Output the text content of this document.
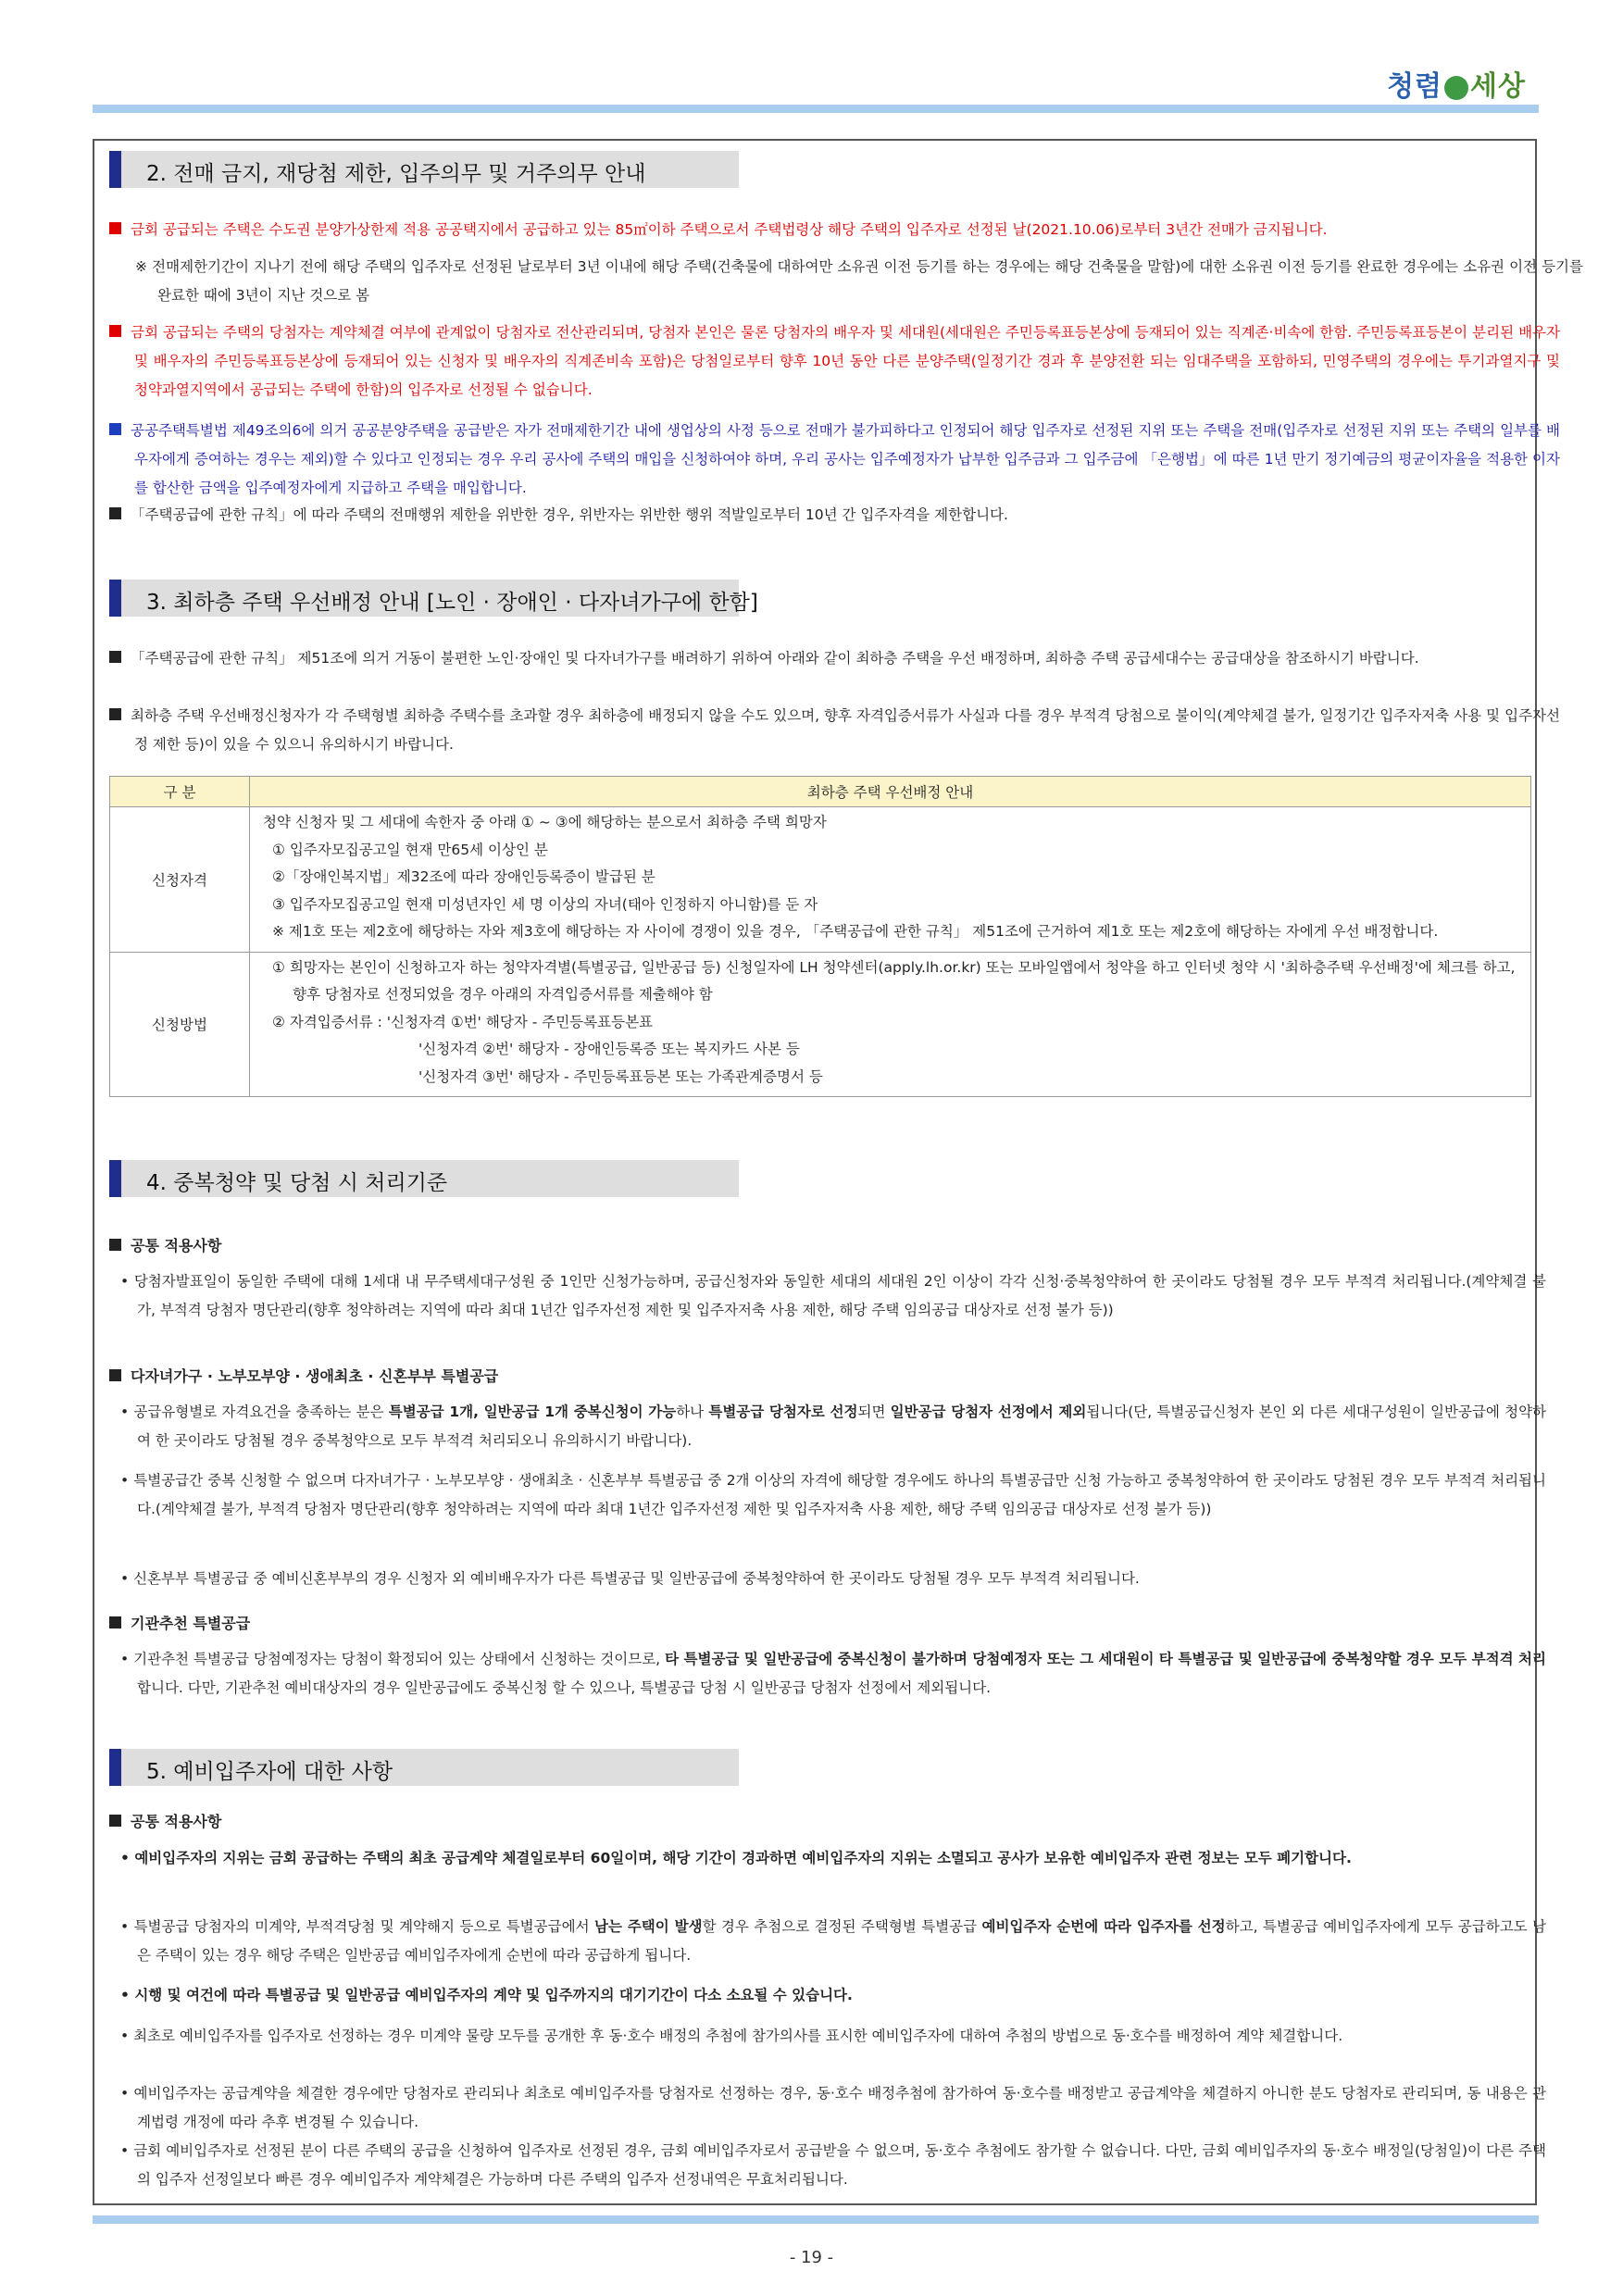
청렴 세상
2. 전매 금지, 재당첨 제한, 입주의무 및 거주의무 안내
금회 공급되는 주택은 수도권 분양가상한제 적용 공공택지에서 공급하고 있는 85㎡이하 주택으로서 주택법령상 해당 주택의 입주자로 선정된 날(2021.10.06)로부터 3년간 전매가 금지됩니다.
※ 전매제한기간이 지나기 전에 해당 주택의 입주자로 선정된 날로부터 3년 이내에 해당 주택(건축물에 대하여만 소유권 이전 등기를 하는 경우에는 해당 건축물을 말함)에 대한 소유권 이전 등기를 완료한 경우에는 소유권 이전 등기를 완료한 때에 3년이 지난 것으로 봄
금회 공급되는 주택의 당첨자는 계약체결 여부에 관계없이 당첨자로 전산관리되며, 당첨자 본인은 물론 당첨자의 배우자 및 세대원(세대원은 주민등록표등본상에 등재되어 있는 직계존·비속에 한함. 주민등록표등본이 분리된 배우자 및 배우자의 주민등록표등본상에 등재되어 있는 신청자 및 배우자의 직계존비속 포함)은 당첨일로부터 향후 10년 동안 다른 분양주택(일정기간 경과 후 분양전환 되는 임대주택을 포함하되, 민영주택의 경우에는 투기과열지구 및 청약과열지역에서 공급되는 주택에 한함)의 입주자로 선정될 수 없습니다.
공공주택특별법 제49조의6에 의거 공공분양주택을 공급받은 자가 전매제한기간 내에 생업상의 사정 등으로 전매가 불가피하다고 인정되어 해당 입주자로 선정된 지위 또는 주택을 전매(입주자로 선정된 지위 또는 주택의 일부를 배우자에게 증여하는 경우는 제외)할 수 있다고 인정되는 경우 우리 공사에 주택의 매입을 신청하여야 하며, 우리 공사는 입주예정자가 납부한 입주금과 그 입주금에 「은행법」에 따른 1년 만기 정기예금의 평균이자율을 적용한 이자를 합산한 금액을 입주예정자에게 지급하고 주택을 매입합니다.
「주택공급에 관한 규칙」에 따라 주택의 전매행위 제한을 위반한 경우, 위반자는 위반한 행위 적발일로부터 10년 간 입주자격을 제한합니다.
3. 최하층 주택 우선배정 안내 [노인 · 장애인 · 다자녀가구에 한함]
「주택공급에 관한 규칙」 제51조에 의거 거동이 불편한 노인·장애인 및 다자녀가구를 배려하기 위하여 아래와 같이 최하층 주택을 우선 배정하며, 최하층 주택 공급세대수는 공급대상을 참조하시기 바랍니다.
최하층 주택 우선배정신청자가 각 주택형별 최하층 주택수를 초과할 경우 최하층에 배정되지 않을 수도 있으며, 향후 자격입증서류가 사실과 다를 경우 부적격 당첨으로 불이익(계약체결 불가, 일정기간 입주자저축 사용 및 입주자선정 제한 등)이 있을 수 있으니 유의하시기 바랍니다.
구 분	최하층 주택 우선배정 안내
신청자격	청약 신청자 및 그 세대에 속한자 중 아래 ① ~ ③에 해당하는 분으로서 최하층 주택 희망자
① 입주자모집공고일 현재 만65세 이상인 분
②「장애인복지법」제32조에 따라 장애인등록증이 발급된 분
③ 입주자모집공고일 현재 미성년자인 세 명 이상의 자녀(태아 인정하지 아니함)를 둔 자
※ 제1호 또는 제2호에 해당하는 자와 제3호에 해당하는 자 사이에 경쟁이 있을 경우, 「주택공급에 관한 규칙」 제51조에 근거하여 제1호 또는 제2호에 해당하는 자에게 우선 배정합니다.

신청방법	① 희망자는 본인이 신청하고자 하는 청약자격별(특별공급, 일반공급 등) 신청일자에 LH 청약센터(apply.lh.or.kr) 또는 모바일앱에서 청약을 하고 인터넷 청약 시 '최하층주택 우선배정'에 체크를 하고, 향후 당첨자로 선정되었을 경우 아래의 자격입증서류를 제출해야 함
② 자격입증서류 : '신청자격 ①번' 해당자 - 주민등록표등본표
'신청자격 ②번' 해당자 - 장애인등록증 또는 복지카드 사본 등
'신청자격 ③번' 해당자 - 주민등록표등본 또는 가족관계증명서 등
4. 중복청약 및 당첨 시 처리기준
공통 적용사항
• 당첨자발표일이 동일한 주택에 대해 1세대 내 무주택세대구성원 중 1인만 신청가능하며, 공급신청자와 동일한 세대의 세대원 2인 이상이 각각 신청·중복청약하여 한 곳이라도 당첨될 경우 모두 부적격 처리됩니다.(계약체결 불가, 부적격 당첨자 명단관리(향후 청약하려는 지역에 따라 최대 1년간 입주자선정 제한 및 입주자저축 사용 제한, 해당 주택 임의공급 대상자로 선정 불가 등))
다자녀가구 · 노부모부양 · 생애최초 · 신혼부부 특별공급
• 공급유형별로 자격요건을 충족하는 분은 특별공급 1개, 일반공급 1개 중복신청이 가능하나 특별공급 당첨자로 선정되면 일반공급 당첨자 선정에서 제외됩니다(단, 특별공급신청자 본인 외 다른 세대구성원이 일반공급에 청약하여 한 곳이라도 당첨될 경우 중복청약으로 모두 부적격 처리되오니 유의하시기 바랍니다).
• 특별공급간 중복 신청할 수 없으며 다자녀가구 · 노부모부양 · 생애최초 · 신혼부부 특별공급 중 2개 이상의 자격에 해당할 경우에도 하나의 특별공급만 신청 가능하고 중복청약하여 한 곳이라도 당첨된 경우 모두 부적격 처리됩니다.(계약체결 불가, 부적격 당첨자 명단관리(향후 청약하려는 지역에 따라 최대 1년간 입주자선정 제한 및 입주자저축 사용 제한, 해당 주택 임의공급 대상자로 선정 불가 등))
• 신혼부부 특별공급 중 예비신혼부부의 경우 신청자 외 예비배우자가 다른 특별공급 및 일반공급에 중복청약하여 한 곳이라도 당첨될 경우 모두 부적격 처리됩니다.
기관추천 특별공급
• 기관추천 특별공급 당첨예정자는 당첨이 확정되어 있는 상태에서 신청하는 것이므로, 타 특별공급 및 일반공급에 중복신청이 불가하며 당첨예정자 또는 그 세대원이 타 특별공급 및 일반공급에 중복청약할 경우 모두 부적격 처리합니다. 다만, 기관추천 예비대상자의 경우 일반공급에도 중복신청 할 수 있으나, 특별공급 당첨 시 일반공급 당첨자 선정에서 제외됩니다.
5. 예비입주자에 대한 사항
공통 적용사항
• 예비입주자의 지위는 금회 공급하는 주택의 최초 공급계약 체결일로부터 60일이며, 해당 기간이 경과하면 예비입주자의 지위는 소멸되고 공사가 보유한 예비입주자 관련 정보는 모두 폐기합니다.
• 특별공급 당첨자의 미계약, 부적격당첨 및 계약해지 등으로 특별공급에서 남는 주택이 발생할 경우 추첨으로 결정된 주택형별 특별공급 예비입주자 순번에 따라 입주자를 선정하고, 특별공급 예비입주자에게 모두 공급하고도 남은 주택이 있는 경우 해당 주택은 일반공급 예비입주자에게 순번에 따라 공급하게 됩니다.
• 시행 및 여건에 따라 특별공급 및 일반공급 예비입주자의 계약 및 입주까지의 대기기간이 다소 소요될 수 있습니다.
• 최초로 예비입주자를 입주자로 선정하는 경우 미계약 물량 모두를 공개한 후 동·호수 배정의 추첨에 참가의사를 표시한 예비입주자에 대하여 추첨의 방법으로 동·호수를 배정하여 계약 체결합니다.
• 예비입주자는 공급계약을 체결한 경우에만 당첨자로 관리되나 최초로 예비입주자를 당첨자로 선정하는 경우, 동·호수 배정추첨에 참가하여 동·호수를 배정받고 공급계약을 체결하지 아니한 분도 당첨자로 관리되며, 동 내용은 관계법령 개정에 따라 추후 변경될 수 있습니다.
• 금회 예비입주자로 선정된 분이 다른 주택의 공급을 신청하여 입주자로 선정된 경우, 금회 예비입주자로서 공급받을 수 없으며, 동·호수 추첨에도 참가할 수 없습니다. 다만, 금회 예비입주자의 동·호수 배정일(당첨일)이 다른 주택의 입주자 선정일보다 빠른 경우 예비입주자 계약체결은 가능하며 다른 주택의 입주자 선정내역은 무효처리됩니다.
- 19 -
